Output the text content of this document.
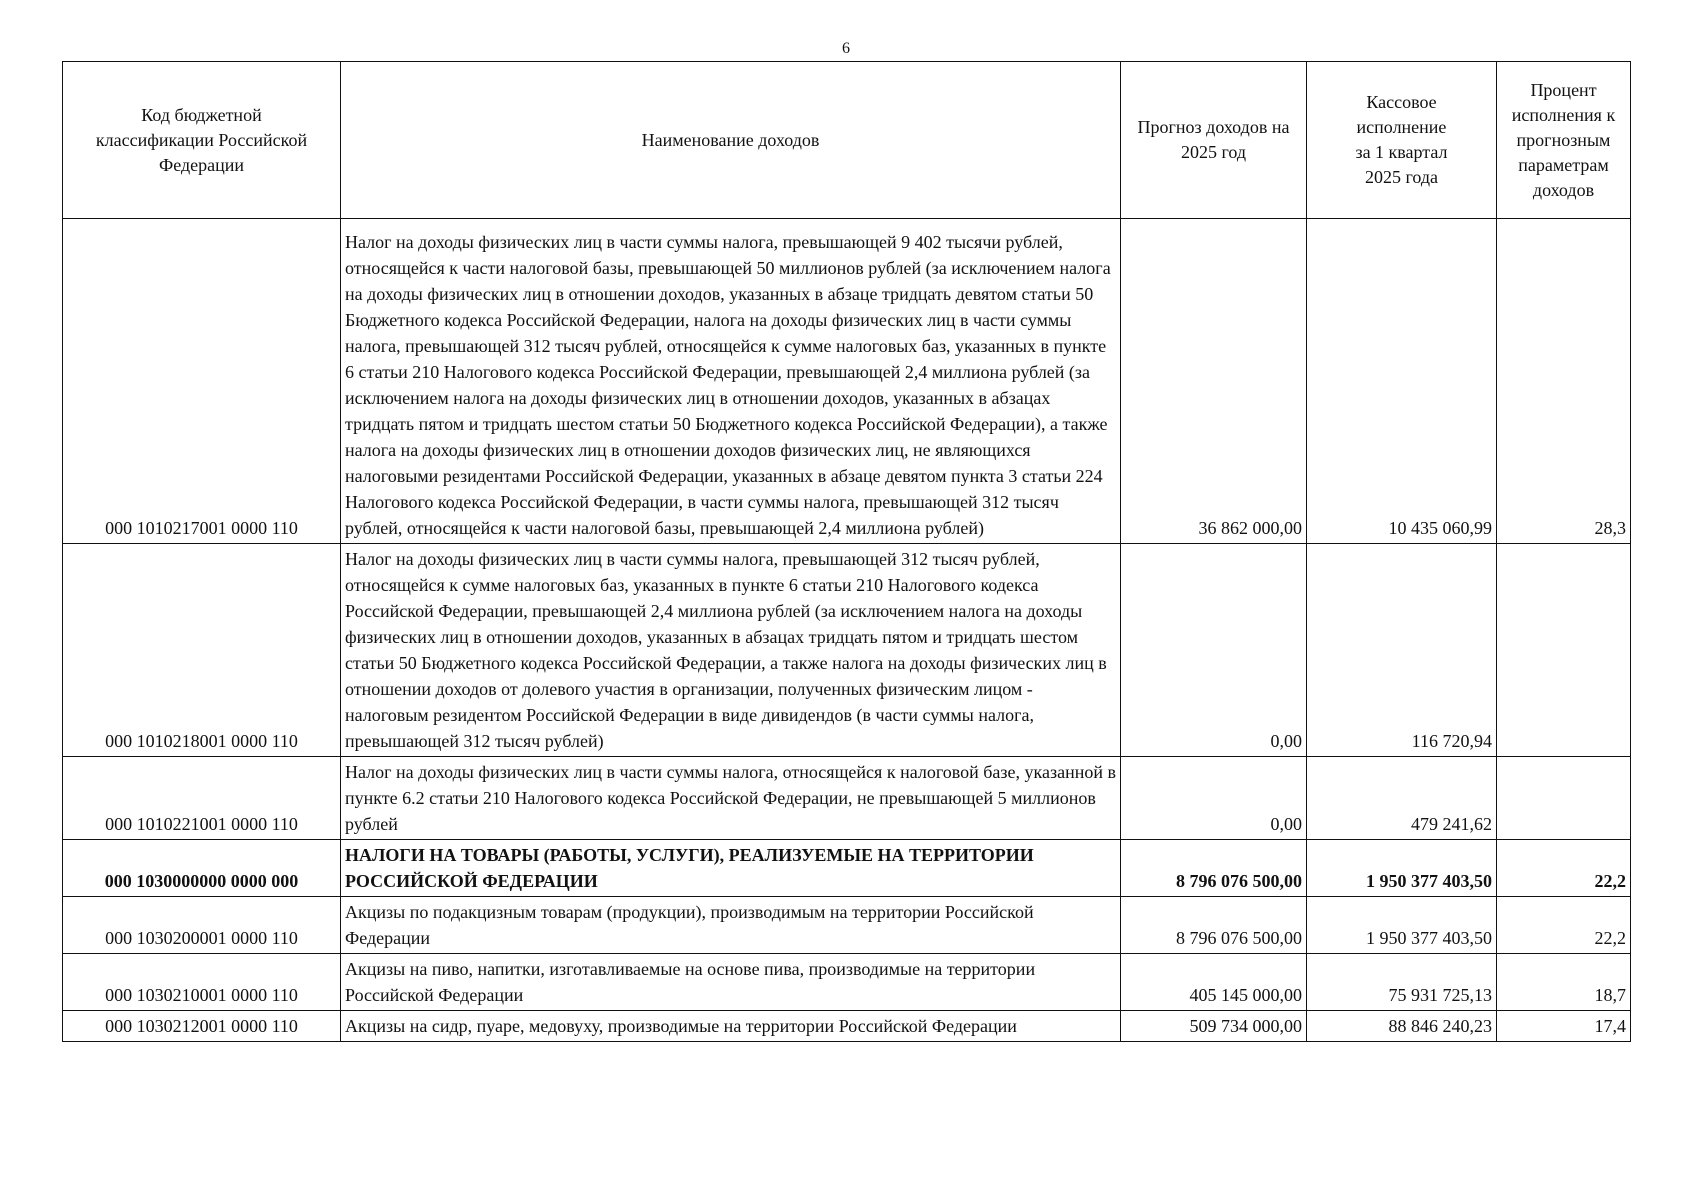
6
Код бюджетной классификации Российской Федерации	Наименование доходов	Прогноз доходов на 2025 год	Кассовое исполнение за 1 квартал 2025 года	Процент исполнения к прогнозным параметрам доходов
000 1010217001 0000 110	Налог на доходы физических лиц в части суммы налога, превышающей 9 402 тысячи рублей, относящейся к части налоговой базы, превышающей 50 миллионов рублей (за исключением налога на доходы физических лиц в отношении доходов, указанных в абзаце тридцать девятом статьи 50 Бюджетного кодекса Российской Федерации, налога на доходы физических лиц в части суммы налога, превышающей 312 тысяч рублей, относящейся к сумме налоговых баз, указанных в пункте 6 статьи 210 Налогового кодекса Российской Федерации, превышающей 2,4 миллиона рублей (за исключением налога на доходы физических лиц в отношении доходов, указанных в абзацах тридцать пятом и тридцать шестом статьи 50 Бюджетного кодекса Российской Федерации), а также налога на доходы физических лиц в отношении доходов физических лиц, не являющихся налоговыми резидентами Российской Федерации, указанных в абзаце девятом пункта 3 статьи 224 Налогового кодекса Российской Федерации, в части суммы налога, превышающей 312 тысяч рублей, относящейся к части налоговой базы, превышающей 2,4 миллиона рублей)	36 862 000,00	10 435 060,99	28,3
000 1010218001 0000 110	Налог на доходы физических лиц в части суммы налога, превышающей 312 тысяч рублей, относящейся к сумме налоговых баз, указанных в пункте 6 статьи 210 Налогового кодекса Российской Федерации, превышающей 2,4 миллиона рублей (за исключением налога на доходы физических лиц в отношении доходов, указанных в абзацах тридцать пятом и тридцать шестом статьи 50 Бюджетного кодекса Российской Федерации, а также налога на доходы физических лиц в отношении доходов от долевого участия в организации, полученных физическим лицом - налоговым резидентом Российской Федерации в виде дивидендов (в части суммы налога, превышающей 312 тысяч рублей)	0,00	116 720,94	
000 1010221001 0000 110	Налог на доходы физических лиц в части суммы налога, относящейся к налоговой базе, указанной в пункте 6.2 статьи 210 Налогового кодекса Российской Федерации, не превышающей 5 миллионов рублей	0,00	479 241,62	
000 1030000000 0000 000	НАЛОГИ НА ТОВАРЫ (РАБОТЫ, УСЛУГИ), РЕАЛИЗУЕМЫЕ НА ТЕРРИТОРИИ РОССИЙСКОЙ ФЕДЕРАЦИИ	8 796 076 500,00	1 950 377 403,50	22,2
000 1030200001 0000 110	Акцизы по подакцизным товарам (продукции), производимым на территории Российской Федерации	8 796 076 500,00	1 950 377 403,50	22,2
000 1030210001 0000 110	Акцизы на пиво, напитки, изготавливаемые на основе пива, производимые на территории Российской Федерации	405 145 000,00	75 931 725,13	18,7
000 1030212001 0000 110	Акцизы на сидр, пуаре, медовуху, производимые на территории Российской Федерации	509 734 000,00	88 846 240,23	17,4
